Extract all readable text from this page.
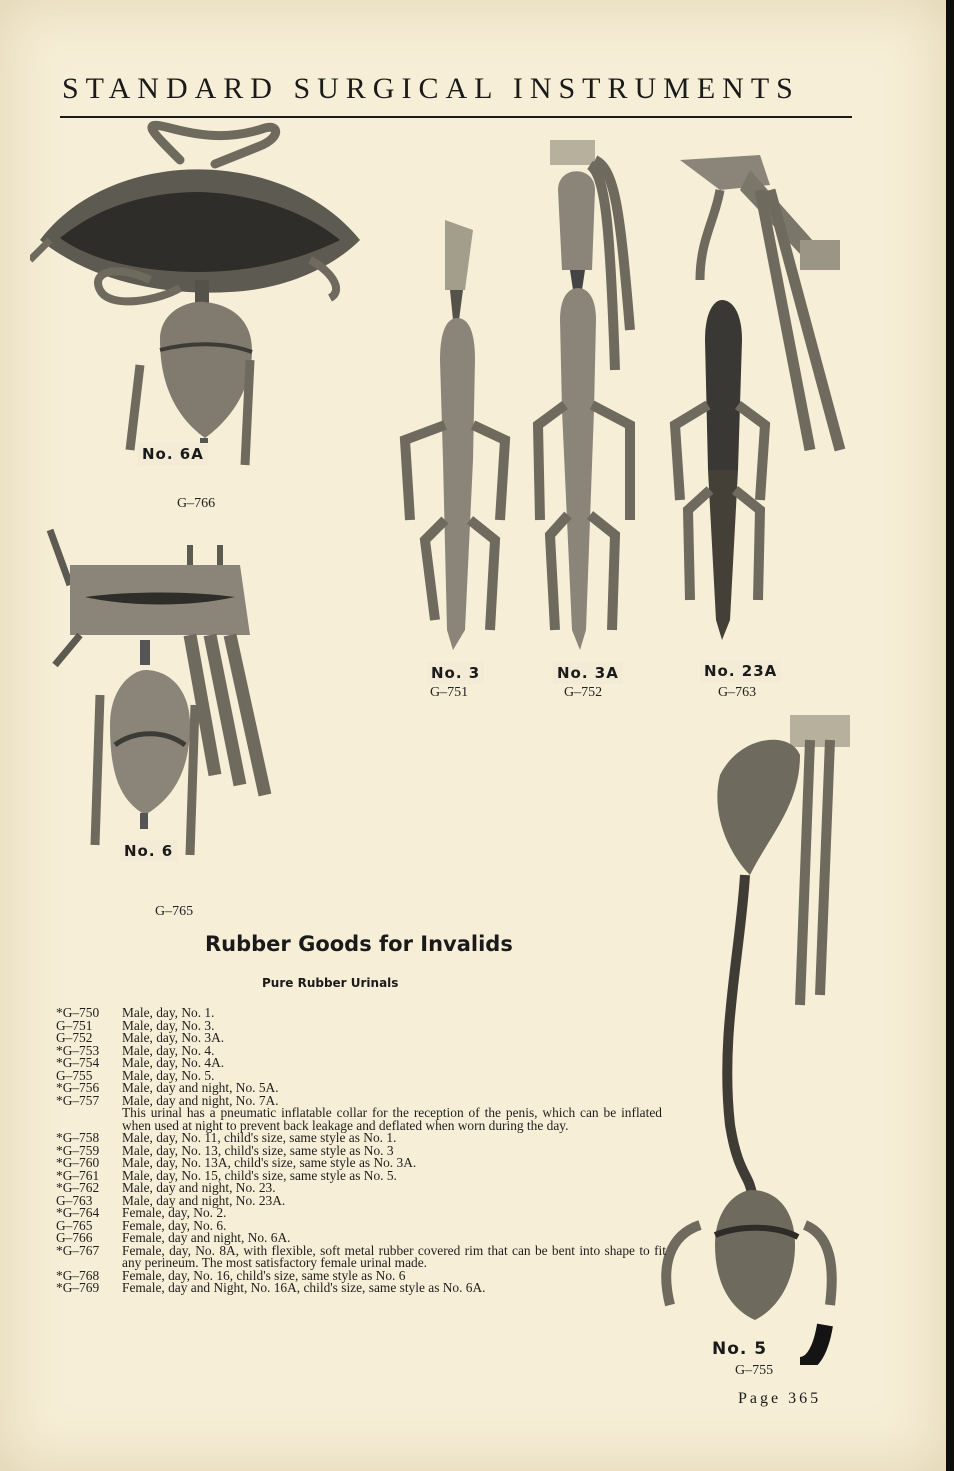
STANDARD SURGICAL INSTRUMENTS
No. 6A
G–766
No. 6
G–765
No. 3
G–751
No. 3A
G–752
No. 23A
G–763
No. 5
G–755
Rubber Goods for Invalids
Pure Rubber Urinals
*G–750	Male, day, No. 1.
G–751	Male, day, No. 3.
G–752	Male, day, No. 3A.
*G–753	Male, day, No. 4.
*G–754	Male, day, No. 4A.
G–755	Male, day, No. 5.
*G–756	Male, day and night, No. 5A.
*G–757	Male, day and night, No. 7A.
This urinal has a pneumatic inflatable collar for the reception of the penis, which can be inflated when used at night to prevent back leakage and deflated when worn during the day.
*G–758	Male, day, No. 11, child's size, same style as No. 1.
*G–759	Male, day, No. 13, child's size, same style as No. 3
*G–760	Male, day, No. 13A, child's size, same style as No. 3A.
*G–761	Male, day, No. 15, child's size, same style as No. 5.
*G–762	Male, day and night, No. 23.
G–763	Male, day and night, No. 23A.
*G–764	Female, day, No. 2.
G–765	Female, day, No. 6.
G–766	Female, day and night, No. 6A.
*G–767	Female, day, No. 8A, with flexible, soft metal rubber covered rim that can be bent into shape to fit any perineum. The most satisfactory female urinal made.
*G–768	Female, day, No. 16, child's size, same style as No. 6
*G–769	Female, day and Night, No. 16A, child's size, same style as No. 6A.
Page 365
